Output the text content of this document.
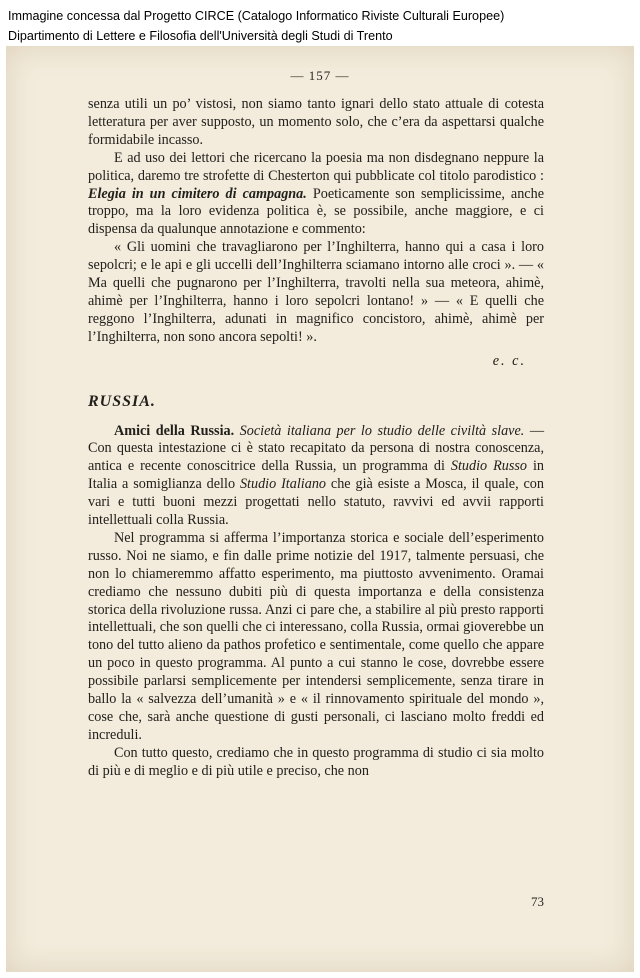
Immagine concessa dal Progetto CIRCE (Catalogo Informatico Riviste Culturali Europee)
Dipartimento di Lettere e Filosofia dell'Università degli Studi di Trento
— 157 —

senza utili un po’ vistosi, non siamo tanto ignari dello stato attuale di cotesta letteratura per aver supposto, un momento solo, che c’era da aspettarsi qualche formidabile incasso.

E ad uso dei lettori che ricercano la poesia ma non disdegnano neppure la politica, daremo tre strofette di Chesterton qui pubblicate col titolo parodistico : Elegia in un cimitero di campagna. Poeticamente son semplicissime, anche troppo, ma la loro evidenza politica è, se possibile, anche maggiore, e ci dispensa da qualunque annotazione e commento:

« Gli uomini che travagliarono per l’Inghilterra, hanno qui a casa i loro sepolcri; e le api e gli uccelli dell’Inghilterra sciamano intorno alle croci ». — « Ma quelli che pugnarono per l’Inghilterra, travolti nella sua meteora, ahimè, ahimè per l’Inghilterra, hanno i loro sepolcri lontano! » — « E quelli che reggono l’Inghilterra, adunati in magnifico concistoro, ahimè, ahimè per l’Inghilterra, non sono ancora sepolti! ».

e. c.

RUSSIA.

Amici della Russia. Società italiana per lo studio delle civiltà slave. — Con questa intestazione ci è stato recapitato da persona di nostra conoscenza, antica e recente conoscitrice della Russia, un programma di Studio Russo in Italia a somiglianza dello Studio Italiano che già esiste a Mosca, il quale, con vari e tutti buoni mezzi progettati nello statuto, ravvivi ed avvii rapporti intellettuali colla Russia.

Nel programma si afferma l’importanza storica e sociale dell’esperimento russo. Noi ne siamo, e fin dalle prime notizie del 1917, talmente persuasi, che non lo chiameremmo affatto esperimento, ma piuttosto avvenimento. Oramai crediamo che nessuno dubiti più di questa importanza e della consistenza storica della rivoluzione russa. Anzi ci pare che, a stabilire al più presto rapporti intellettuali, che son quelli che ci interessano, colla Russia, ormai gioverebbe un tono del tutto alieno da pathos profetico e sentimentale, come quello che appare un poco in questo programma. Al punto a cui stanno le cose, dovrebbe essere possibile parlarsi semplicemente per intendersi semplicemente, senza tirare in ballo la « salvezza dell’umanità » e « il rinnovamento spirituale del mondo », cose che, sarà anche questione di gusti personali, ci lasciano molto freddi ed increduli.

Con tutto questo, crediamo che in questo programma di studio ci sia molto di più e di meglio e di più utile e preciso, che non

73
